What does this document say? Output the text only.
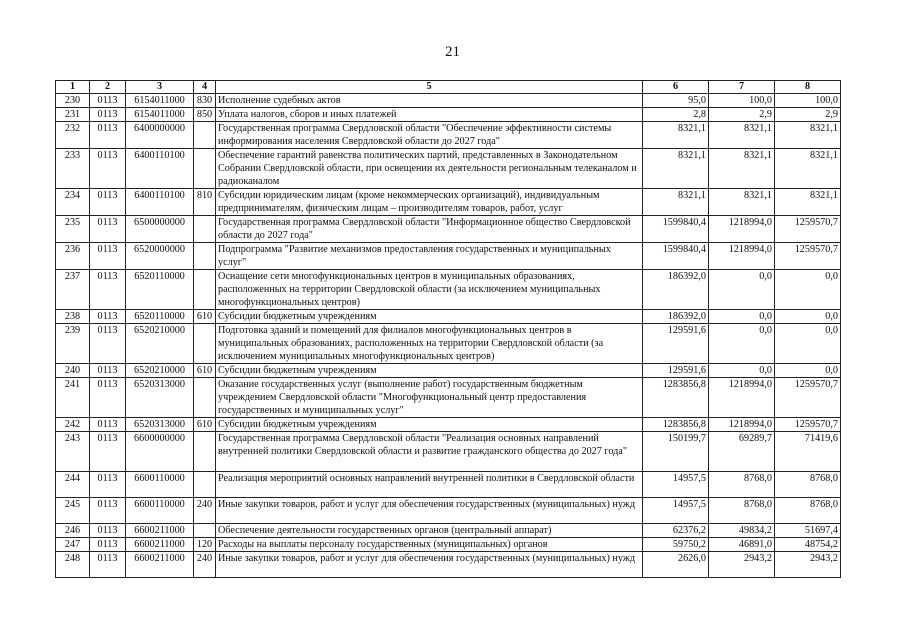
21
1	2	3	4	5	6	7	8
230	0113	6154011000	830	Исполнение судебных актов	95,0	100,0	100,0
231	0113	6154011000	850	Уплата налогов, сборов и иных платежей	2,8	2,9	2,9
232	0113	6400000000		Государственная программа Свердловской области "Обеспечение эффективности системы информирования населения Свердловской области до 2027 года"	8321,1	8321,1	8321,1
233	0113	6400110100		Обеспечение гарантий равенства политических партий, представленных в Законодательном Собрании Свердловской области, при освещении их деятельности региональным телеканалом и радиоканалом	8321,1	8321,1	8321,1
234	0113	6400110100	810	Субсидии юридическим лицам (кроме некоммерческих организаций), индивидуальным предпринимателям, физическим лицам – производителям товаров, работ, услуг	8321,1	8321,1	8321,1
235	0113	6500000000		Государственная программа Свердловской области "Информационное общество Свердловской области до 2027 года"	1599840,4	1218994,0	1259570,7
236	0113	6520000000		Подпрограмма "Развитие механизмов предоставления государственных и муниципальных услуг"	1599840,4	1218994,0	1259570,7
237	0113	6520110000		Оснащение сети многофункциональных центров в муниципальных образованиях, расположенных на территории Свердловской области (за исключением муниципальных многофункциональных центров)	186392,0	0,0	0,0
238	0113	6520110000	610	Субсидии бюджетным учреждениям	186392,0	0,0	0,0
239	0113	6520210000		Подготовка зданий и помещений для филиалов многофункциональных центров в муниципальных образованиях, расположенных на территории Свердловской области (за исключением муниципальных многофункциональных центров)	129591,6	0,0	0,0
240	0113	6520210000	610	Субсидии бюджетным учреждениям	129591,6	0,0	0,0
241	0113	6520313000		Оказание государственных услуг (выполнение работ) государственным бюджетным учреждением Свердловской области "Многофункциональный центр предоставления государственных и муниципальных услуг"	1283856,8	1218994,0	1259570,7
242	0113	6520313000	610	Субсидии бюджетным учреждениям	1283856,8	1218994,0	1259570,7
243	0113	6600000000		Государственная программа Свердловской области "Реализация основных направлений внутренней политики Свердловской области и развитие гражданского общества до 2027 года"	150199,7	69289,7	71419,6
244	0113	6600110000		Реализация мероприятий основных направлений внутренней политики в Свердловской области	14957,5	8768,0	8768,0
245	0113	6600110000	240	Иные закупки товаров, работ и услуг для обеспечения государственных (муниципальных) нужд	14957,5	8768,0	8768,0
246	0113	6600211000		Обеспечение деятельности государственных органов (центральный аппарат)	62376,2	49834,2	51697,4
247	0113	6600211000	120	Расходы на выплаты персоналу государственных (муниципальных) органов	59750,2	46891,0	48754,2
248	0113	6600211000	240	Иные закупки товаров, работ и услуг для обеспечения государственных (муниципальных) нужд	2626,0	2943,2	2943,2
